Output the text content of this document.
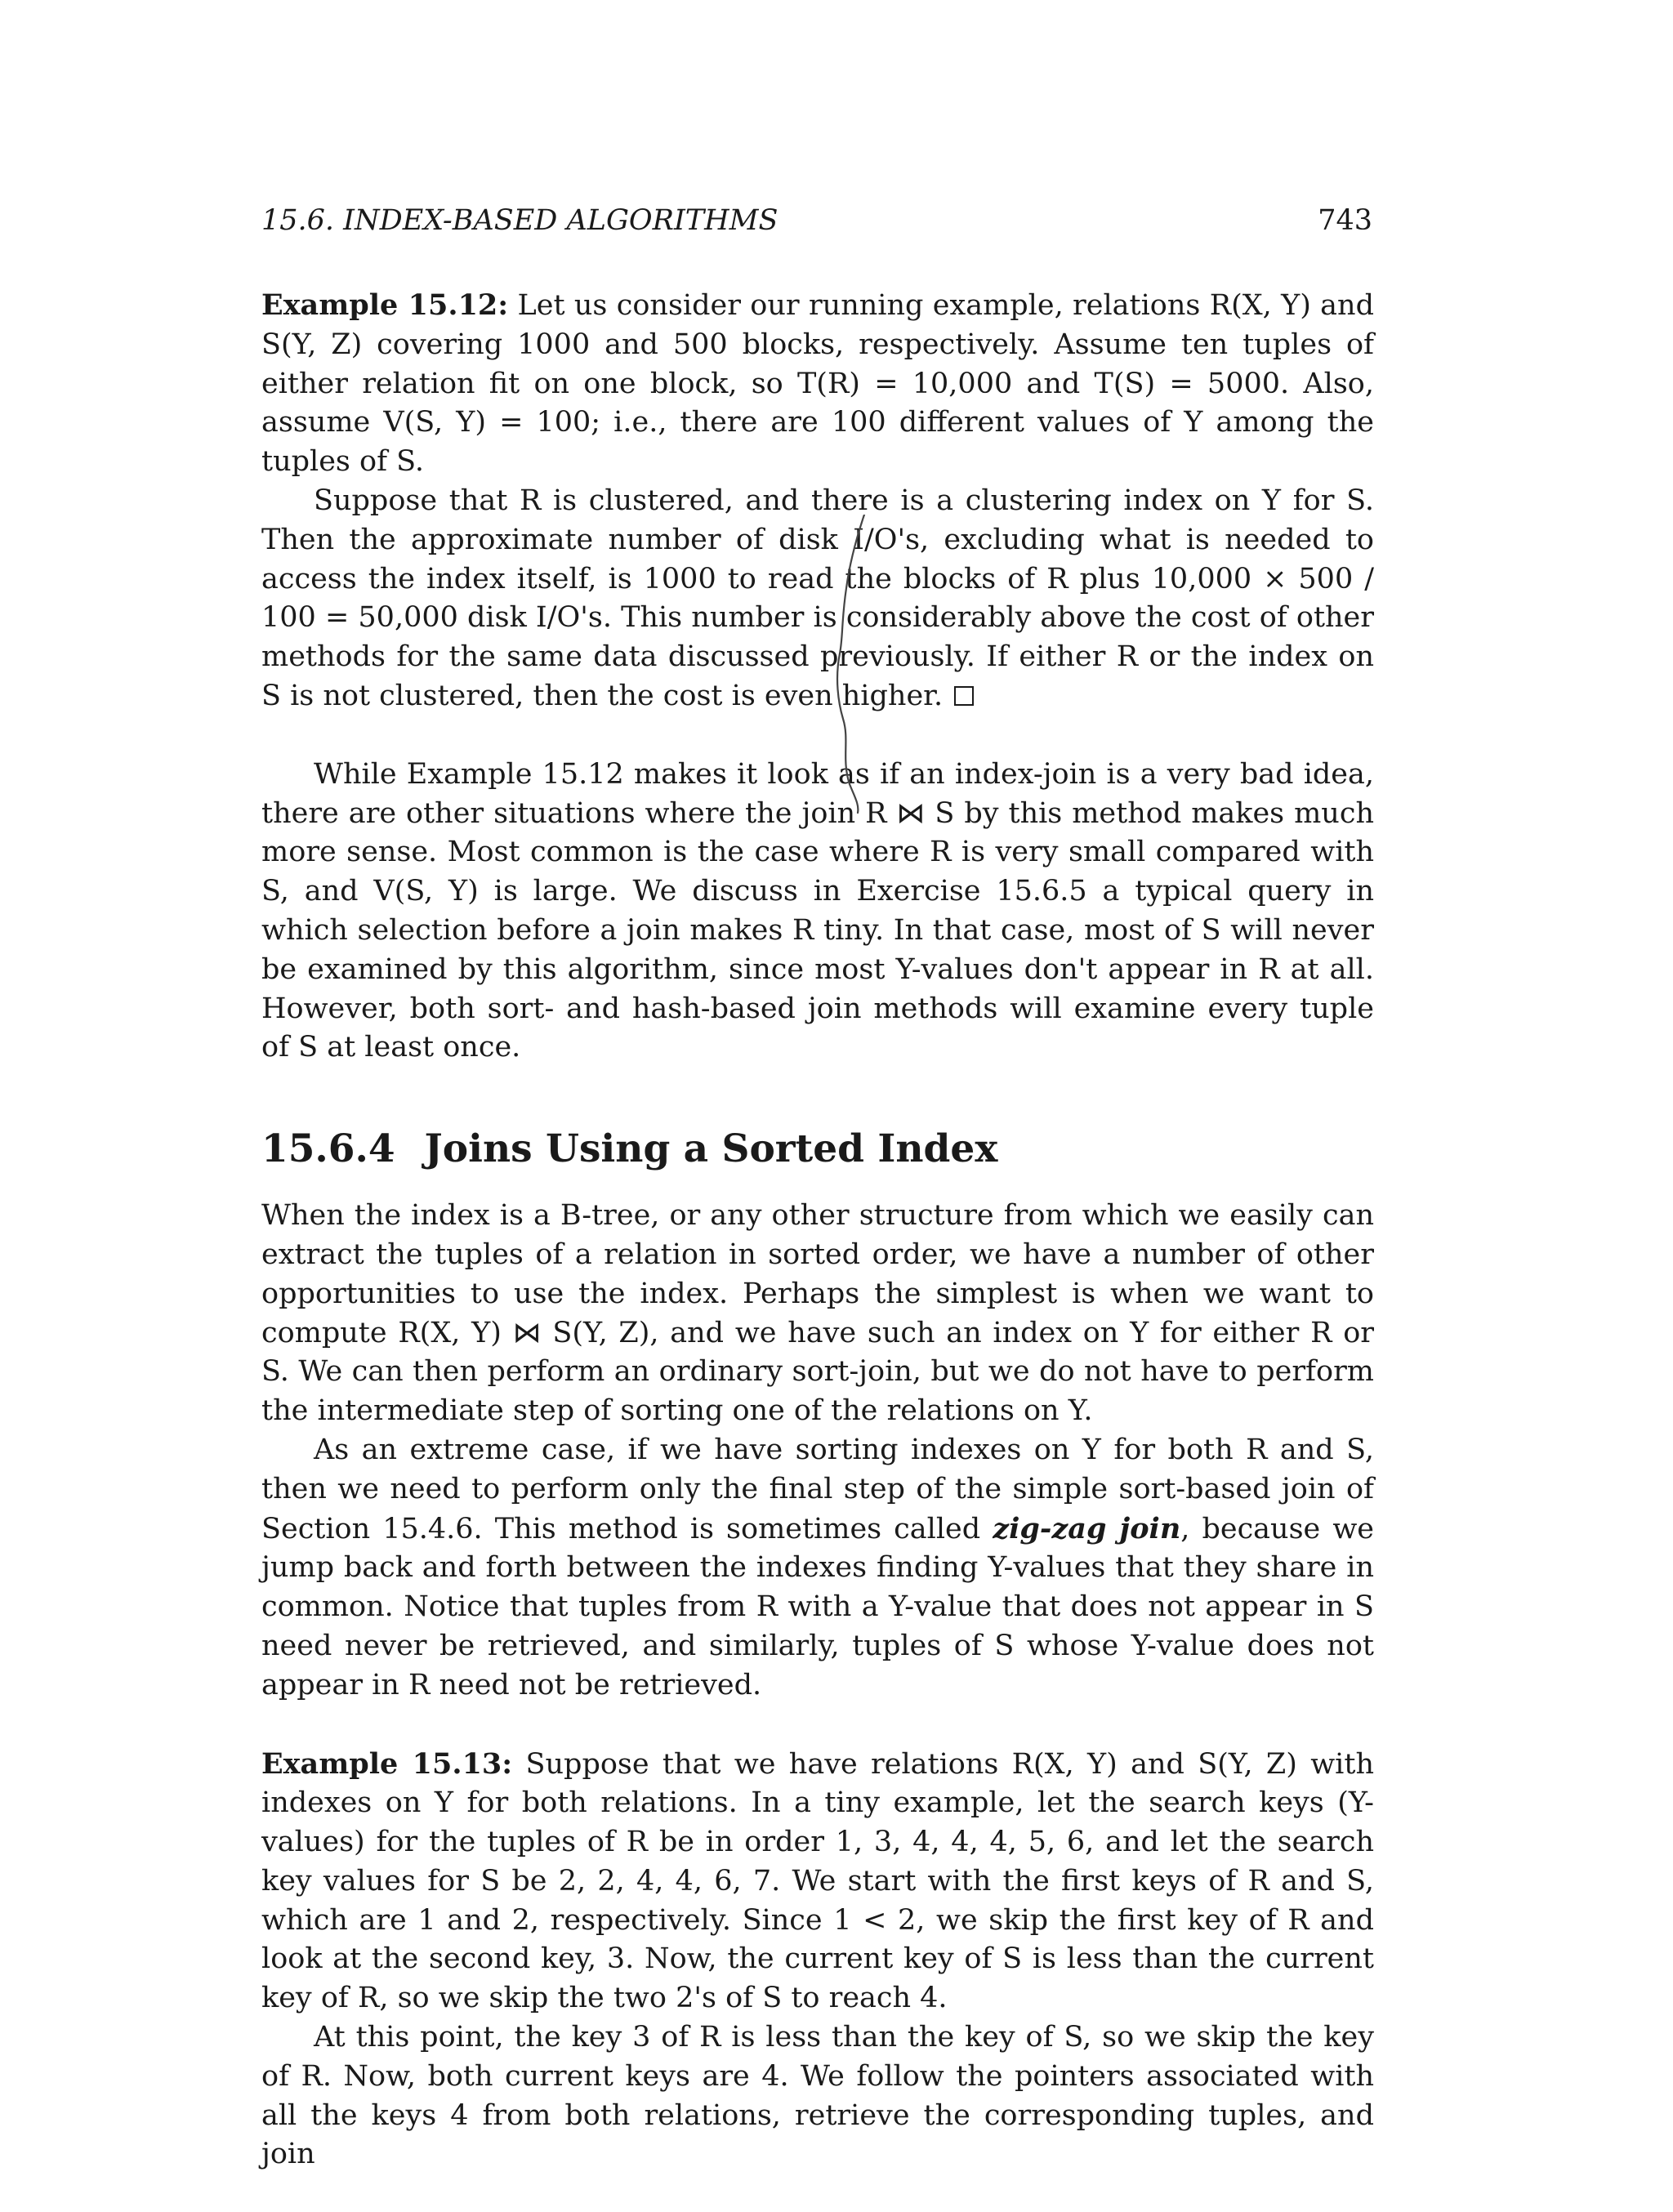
15.6. INDEX-BASED ALGORITHMS	743

Example 15.12: Let us consider our running example, relations R(X, Y) and S(Y, Z) covering 1000 and 500 blocks, respectively. Assume ten tuples of either relation fit on one block, so T(R) = 10,000 and T(S) = 5000. Also, assume V(S, Y) = 100; i.e., there are 100 different values of Y among the tuples of S.

Suppose that R is clustered, and there is a clustering index on Y for S. Then the approximate number of disk I/O's, excluding what is needed to access the index itself, is 1000 to read the blocks of R plus 10,000 × 500 / 100 = 50,000 disk I/O's. This number is considerably above the cost of other methods for the same data discussed previously. If either R or the index on S is not clustered, then the cost is even higher.

While Example 15.12 makes it look as if an index-join is a very bad idea, there are other situations where the join R ⋈ S by this method makes much more sense. Most common is the case where R is very small compared with S, and V(S, Y) is large. We discuss in Exercise 15.6.5 a typical query in which selection before a join makes R tiny. In that case, most of S will never be examined by this algorithm, since most Y-values don't appear in R at all. However, both sort- and hash-based join methods will examine every tuple of S at least once.

15.6.4 Joins Using a Sorted Index

When the index is a B-tree, or any other structure from which we easily can extract the tuples of a relation in sorted order, we have a number of other opportunities to use the index. Perhaps the simplest is when we want to compute R(X, Y) ⋈ S(Y, Z), and we have such an index on Y for either R or S. We can then perform an ordinary sort-join, but we do not have to perform the intermediate step of sorting one of the relations on Y.

As an extreme case, if we have sorting indexes on Y for both R and S, then we need to perform only the final step of the simple sort-based join of Section 15.4.6. This method is sometimes called zig-zag join, because we jump back and forth between the indexes finding Y-values that they share in common. Notice that tuples from R with a Y-value that does not appear in S need never be retrieved, and similarly, tuples of S whose Y-value does not appear in R need not be retrieved.

Example 15.13: Suppose that we have relations R(X, Y) and S(Y, Z) with indexes on Y for both relations. In a tiny example, let the search keys (Y-values) for the tuples of R be in order 1, 3, 4, 4, 4, 5, 6, and let the search key values for S be 2, 2, 4, 4, 6, 7. We start with the first keys of R and S, which are 1 and 2, respectively. Since 1 < 2, we skip the first key of R and look at the second key, 3. Now, the current key of S is less than the current key of R, so we skip the two 2's of S to reach 4.

At this point, the key 3 of R is less than the key of S, so we skip the key of R. Now, both current keys are 4. We follow the pointers associated with all the keys 4 from both relations, retrieve the corresponding tuples, and join
